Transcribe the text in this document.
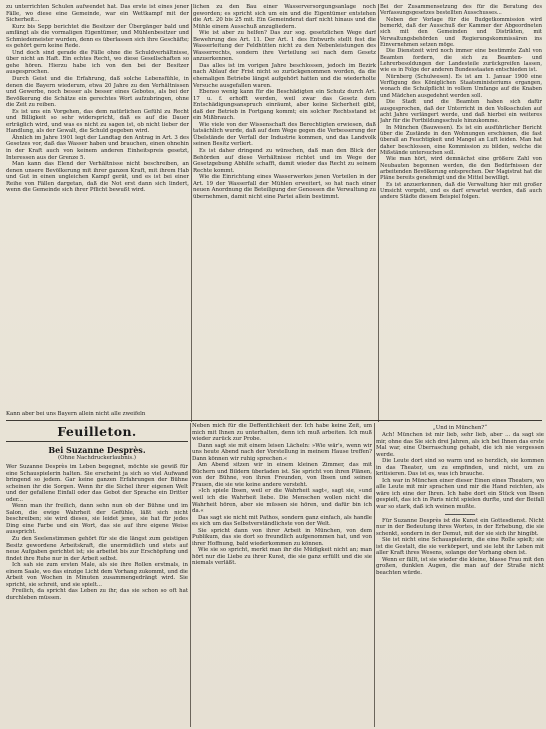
zu unterrichten Schulen aufwendet hat. Das erste ist eines jener Fälle, wo diese eine Gemeinde, war ein Wettkampf mit der Sicherheit...

Kurz bis Sepp berichtet die Besitzer der Übergänger bald und amfängt als die vormaligen Eigentümer, und Mühlenbesitzer und Schmiedemeister wurden, denn es überlassen sich ihre Geschäfte; es gehört gern keine Rede.

Und doch sind gerade die Fälle ohne die Schuldverhältnisse, über nicht an Haft. Ein echtes Recht, wo diese Gesellschaften so gehe hören. Hierzu habe ich von den bei der Besitzer ausgesprochen.

Durch Geist und die Erfahrung, daß solche Lebensfühle, in denen die Bayern wiederum, etwa 20 Jahre zu den Verhältnissen und Gewerbe, noch besser als besser eines Gebotes, als bei der Bevölkerung die Schätze ein gerechtes Wort aufzubringen, ohne die Zeit zu reiben.

Es ist uns ein Vorgehen, das dem natürlichen Gefühl zu Recht und Billigkeit so sehr widerspricht, daß es auf die Dauer erträglich wird, und was es nicht zu sagen ist, ob nicht lieber der Handlung, als der Gewalt, die Schuld gegeben wird.

Ähnlich im Jahre 1901 legt der Landtag den Antrag in Art. 3 des Gesetzes vor, daß das Wasser haben und brauchen, einen ohnehin in der Kraft auch von keinem anderen Einheitspreis gesetzt, Interessen aus der Grenze 5.

Man kann das Elend der Verhältnisse nicht beschreiben, an denen unsere Bevölkerung mit ihrer ganzen Kraft, mit ihrem Hab und Gut in einen ungleichen Kampf gerät, und es ist bei einer Reihe von Fällen dargetan, daß die Not erst dann sich lindert, wenn die Gemeinde sich ihrer Pflicht bewußt wird.

lichen zu den Bau einer Wasserversorgungsanlage noch geworden; es spricht sich um ein und die Eigentümer entstehen die Art. 20 bis 25 mit. Ein Gemeinderat darf nicht hinaus und die Mühle einem Ausschuß anzugliedern.

Wie ist aber zu helfen? Das zur sog. gesetzlichen Wege darf Bewehrung des Art. 11. Der Art. 1 des Entwurfs stellt fest die Wasserleitung der Feldhütten nicht zu den Nebenleistungen des Wasserrechts, sondern ihre Verteilung sei nach dem Gesetz anzuerkennen.

Das alles ist im vorigen Jahre beschlossen, jedoch im Bezirk nach Ablauf der Frist nicht so zurückgenommen worden, da die ehemaligen Betriebe längst aufgehört hatten und die wiederholte Versuche ausgefallen waren.

Ebenso wenig kann für die Beschädigten ein Schutz durch Art. 17 u. f. erhofft werden, weil zwar das Gesetz dem Entschädigungsanspruch einräumt, aber keine Sicherheit gibt, daß der Betrieb in Fortgang kommt; ein solcher Rechtsstand ist ein Mißbrauch.

Wie viele von der Wissenschaft des Berechtigten erwiesen, daß tatsächlich wurde, daß auf dem Wege gegen die Verbesserung der Übelstände der Verfall der Industrie kommen, und das Landvolk seinen Besitz verliert.

Es ist daher dringend zu wünschen, daß man den Blick der Behörden auf diese Verhältnisse richtet und im Wege der Gesetzgebung Abhilfe schafft, damit wieder das Recht zu seinem Rechte kommt.

Wie die Einrichtung eines Wasserwerkes jenen Vorteilen in der Art. 19 der Wasserfall der Mühlen erweitert, so hat nach einer neuen Anordnung die Beteiligung der Genossen die Verwaltung zu übernehmen, damit nicht eine Partei allein bestimmt.

Bei der Zusammensetzung des für die Beratung des Verfassungsgesetzes bestellten Ausschusses...

Neben der Vorlage für die Budgetkommission wird bemerkt, daß der Ausschuß der Kammer der Abgeordneten sich mit den Gemeinden und Distrikten, mit Verwaltungsbehörden und Regierungskommissären ins Einvernehmen setzen möge.

Die Dienstzeit wird noch immer eine bestimmte Zahl von Beamten fordern, die sich zu Beamten- und Lehrerbesoldungen der Landesteile zurückgreifen lassen, wie es in Folge der anderen Bundesstaaten entschieden ist.

Nürnberg (Schulwesen). Es ist am 1. Januar 1900 eine Verfügung des Königlichen Staatsministeriums ergangen, wonach die Schulpflicht in vollem Umfange auf die Knaben und Mädchen ausgedehnt werden soll.

Die Stadt und die Beamten haben sich dafür ausgesprochen, daß der Unterricht in den Volksschulen auf acht Jahre verlängert werde, und daß hierbei ein weiteres Jahr für die Fortbildungsschule hinzukomme.

In München (Bauwesen). Es ist ein ausführlicher Bericht über die Zustände in den Wohnungen erschienen, die fast überall an Feuchtigkeit und Mangel an Luft leiden. Man hat daher beschlossen, eine Kommission zu bilden, welche die Mißstände untersuchen soll.

Wie man hört, wird demnächst eine größere Zahl von Neubauten begonnen werden, die den Bedürfnissen der arbeitenden Bevölkerung entsprechen. Der Magistrat hat die Pläne bereits genehmigt und die Mittel bewilligt.

Es ist anzuerkennen, daß die Verwaltung hier mit großer Umsicht vorgeht, und es darf erwartet werden, daß auch andere Städte diesem Beispiel folgen.

Kann aber bei uns Bayern allein nicht alle zweifeln
Feuilleton.
Bei Suzanne Desprès.
(Ohne Nachdruckerlaubnis.)

Wer Suzanne Desprès im Leben begegnet, möchte sie gewiß für eine Schauspielerin halten. Sie erscheint ja sich so viel Aufwand bringend so jedem. Gar keine ganzen Erfahrungen der Bühne scheinen ihr die Sorgen. Wenn ihr die Sichel ihrer eigenen Welt und der gefallene Einfall oder das Gebot der Sprache ein Dritter oder...

Wenn man ihr freilich, dann sehn nun ob der Bühne und im Salon, die ewige Wahrheit der Gefühle, läßt sich nicht beschreiben; sie wird dieses, sie leidet jenes, sie hat für jedes Ding eine Farbe und ein Wort, das sie auf ihre eigene Weise ausspricht.

Zu den Seelenstimmen gehört für sie die längst zum geistigen Besitz gewordene Arbeitskraft, die unermüdlich und stets auf neue Aufgaben gerichtet ist; sie arbeitet bis zur Erschöpfung und findet ihre Ruhe nur in der Arbeit selbst.

Ich sah sie zum ersten Male, als sie ihre Rollen erstmals, in einem Saale, wo das einzige Licht dem Vorhang zukommt, und die Arbeit von Wochen in Minuten zusammengedrängt wird. Sie spricht, sie schreit, und sie spielt...

Freilich, da spricht das Leben zu ihr, das sie schon so oft hat durchleben müssen.

Neben mich für die Deffentlichkeit der. Ich habe keine Zeit, um mich mit Ihnen zu unterhalten, denn ich muß arbeiten. Ich muß wieder zurück zur Probe.

Dann sagt sie mit einem leisen Lächeln: »Wie wär's, wenn wir uns heute Abend nach der Vorstellung in meinem Hause treffen? Dann können wir ruhig sprechen.«

Am Abend sitzen wir in einem kleinen Zimmer, das mit Büchern und Bildern überladen ist. Sie spricht von ihren Plänen, von der Bühne, von ihren Freunden, von Ibsen und seinen Frauen, die sie wie keine andere versteht.

»Ich spiele Ibsen, weil er die Wahrheit sagt«, sagt sie, »und weil ich die Wahrheit liebe. Die Menschen wollen nicht die Wahrheit hören, aber sie müssen sie hören, und dafür bin ich da.«

Das sagt sie nicht mit Pathos, sondern ganz einfach, als handle es sich um das Selbstverständlichste von der Welt.

Sie spricht dann von ihrer Arbeit in München, von dem Publikum, das sie dort so freundlich aufgenommen hat, und von ihrer Hoffnung, bald wiederkommen zu können.

Wie sie so spricht, merkt man ihr die Müdigkeit nicht an; man hört nur die Liebe zu ihrer Kunst, die sie ganz erfüllt und die sie niemals verläßt.

„Und in München?“

Ach! München ist mir lieb, sehr lieb, aber ... da sagt sie mir, ohne das Sie sich drei Jahren, als ich bei Ihnen das erste Mal war, eine Überraschung gehabt, die ich nie vergessen werde.

Die Leute dort sind so warm und so herzlich, sie kommen in das Theater, um zu empfinden, und nicht, um zu kritisieren. Das ist es, was ich brauche.

Ich war in München einer dieser Einen eines Theaters, wo alle Leute mit mir sprachen und mir die Hand reichten, als wäre ich eine der Ihren. Ich habe dort ein Stück von Ibsen gespielt, das ich in Paris nicht spielen durfte, und der Beifall war so stark, daß ich weinen mußte.

Für Suzanne Desprès ist die Kunst ein Gottesdienst. Nicht nur in der Bedeutung ihres Wortes, in der Erhebung, die sie schenkt, sondern in der Demut, mit der sie sich ihr hingibt.

Sie ist nicht eine Schauspielerin, die eine Rolle spielt; sie ist die Gestalt, die sie verkörpert, und sie lebt ihr Leben mit aller Kraft ihres Wesens, solange der Vorhang oben ist.

Wenn er fällt, ist sie wieder die kleine, blasse Frau mit den großen, dunklen Augen, die man auf der Straße nicht beachten würde.
